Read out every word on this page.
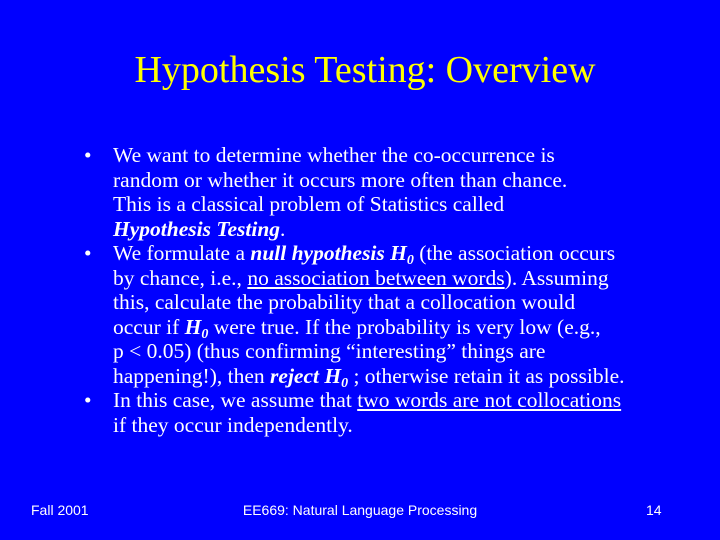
Hypothesis Testing: Overview
• We want to determine whether the co-occurrence is
random or whether it occurs more often than chance.
This is a classical problem of Statistics called
Hypothesis Testing.
• We formulate a null hypothesis $H_0$ (the association occurs
by chance, i.e., no association between words). Assuming
this, calculate the probability that a collocation would
occur if $H_0$ were true. If the probability is very low (e.g.,
p < 0.05) (thus confirming “interesting” things are
happening!), then reject $H_0$ ; otherwise retain it as possible.
• In this case, we assume that two words are not collocations
if they occur independently.
Fall 2001	EE669: Natural Language Processing	14
